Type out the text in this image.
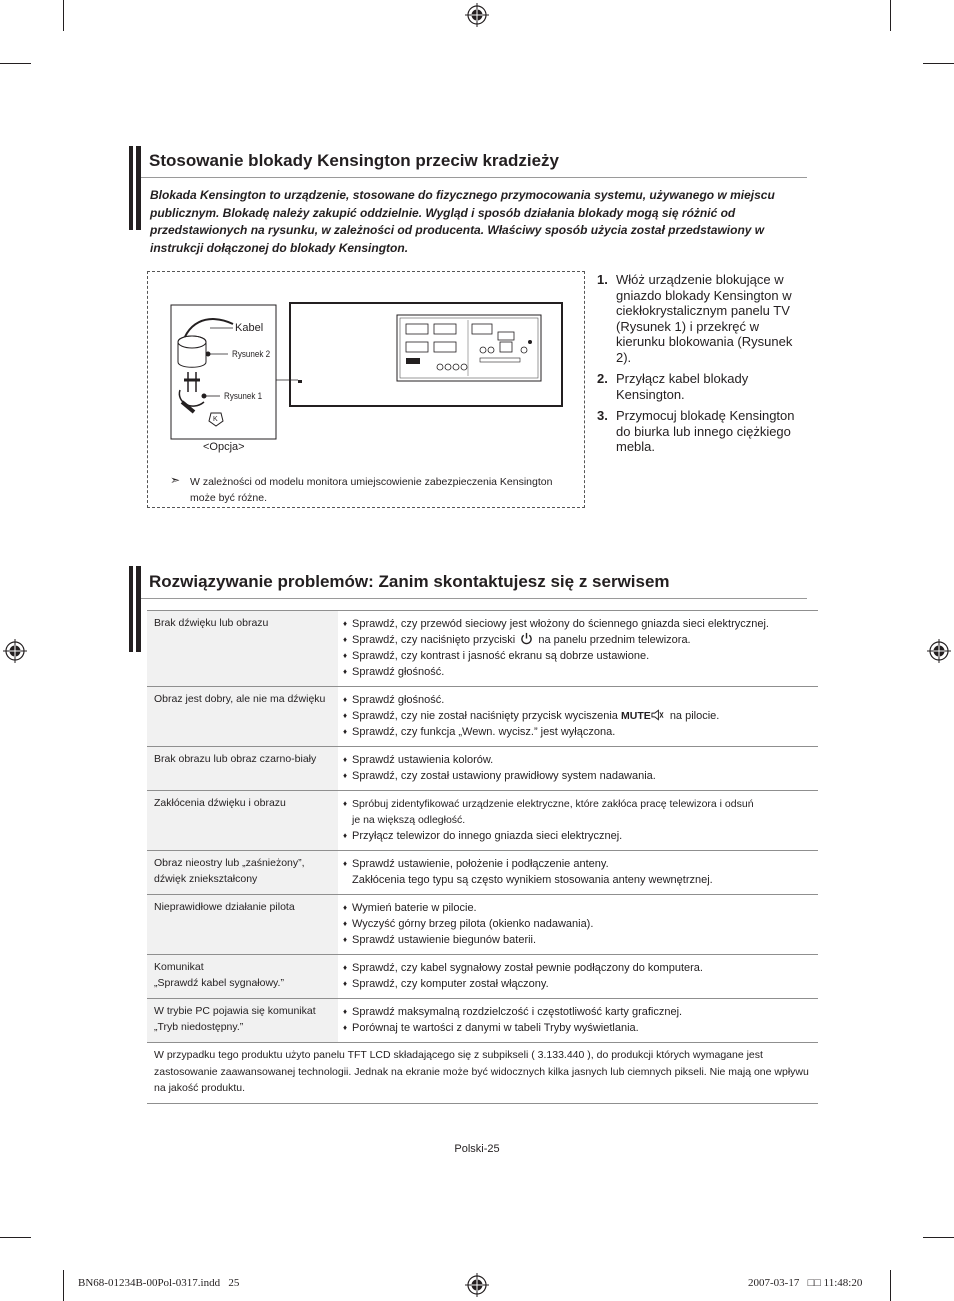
Stosowanie blokady Kensington przeciw kradzieży
Blokada Kensington to urządzenie, stosowane do fizycznego przymocowania systemu, używanego w miejscu publicznym. Blokadę należy zakupić oddzielnie. Wygląd i sposób działania blokady mogą się różnić od przedstawionych na rysunku, w zależności od producenta. Właściwy sposób użycia został przedstawiony w instrukcji dołączonej do blokady Kensington.
K
Kabel
Rysunek 2
Rysunek 1
<Opcja>
➣ W zależności od modelu monitora umiejscowienie zabezpieczenia Kensington może być różne.
1. Włóż urządzenie blokujące w gniazdo blokady Kensington w ciekłokrystalicznym panelu TV (Rysunek 1) i przekręć w kierunku blokowania (Rysunek 2).
2. Przyłącz kabel blokady Kensington.
3. Przymocuj blokadę Kensington do biurka lub innego ciężkiego mebla.
Rozwiązywanie problemów: Zanim skontaktujesz się z serwisem
Brak dźwięku lub obrazu	♦ Sprawdź, czy przewód sieciowy jest włożony do ściennego gniazda sieci elektrycznej.
♦ Sprawdź, czy naciśnięto przyciski na panelu przednim telewizora.
♦ Sprawdź, czy kontrast i jasność ekranu są dobrze ustawione.
♦ Sprawdź głośność.

Obraz jest dobry, ale nie ma dźwięku	♦ Sprawdź głośność.
♦ Sprawdź, czy nie został naciśnięty przycisk wyciszenia MUTE na pilocie.
♦ Sprawdź, czy funkcja „Wewn. wycisz.” jest wyłączona.

Brak obrazu lub obraz czarno-biały	♦ Sprawdź ustawienia kolorów.
♦ Sprawdź, czy został ustawiony prawidłowy system nadawania.

Zakłócenia dźwięku i obrazu	♦ Spróbuj zidentyfikować urządzenie elektryczne, które zakłóca pracę telewizora i odsuń
je na większą odległość.
♦ Przyłącz telewizor do innego gniazda sieci elektrycznej.

Obraz nieostry lub „zaśnieżony”,
dźwięk zniekształcony	♦ Sprawdź ustawienie, położenie i podłączenie anteny.
Zakłócenia tego typu są często wynikiem stosowania anteny wewnętrznej.

Nieprawidłowe działanie pilota	♦ Wymień baterie w pilocie.
♦ Wyczyść górny brzeg pilota (okienko nadawania).
♦ Sprawdź ustawienie biegunów baterii.

Komunikat
„Sprawdź kabel sygnałowy.”	♦ Sprawdź, czy kabel sygnałowy został pewnie podłączony do komputera.
♦ Sprawdź, czy komputer został włączony.

W trybie PC pojawia się komunikat
„Tryb niedostępny.”	♦ Sprawdź maksymalną rozdzielczość i częstotliwość karty graficznej.
♦ Porównaj te wartości z danymi w tabeli Tryby wyświetlania.

W przypadku tego produktu użyto panelu TFT LCD składającego się z subpikseli ( 3.133.440 ), do produkcji których wymagane jest zastosowanie zaawansowanej technologii. Jednak na ekranie może być widocznych kilka jasnych lub ciemnych pikseli. Nie mają one wpływu na jakość produktu.	
Polski-25
BN68-01234B-00Pol-0317.indd   25	2007-03-17   □□ 11:48:20
